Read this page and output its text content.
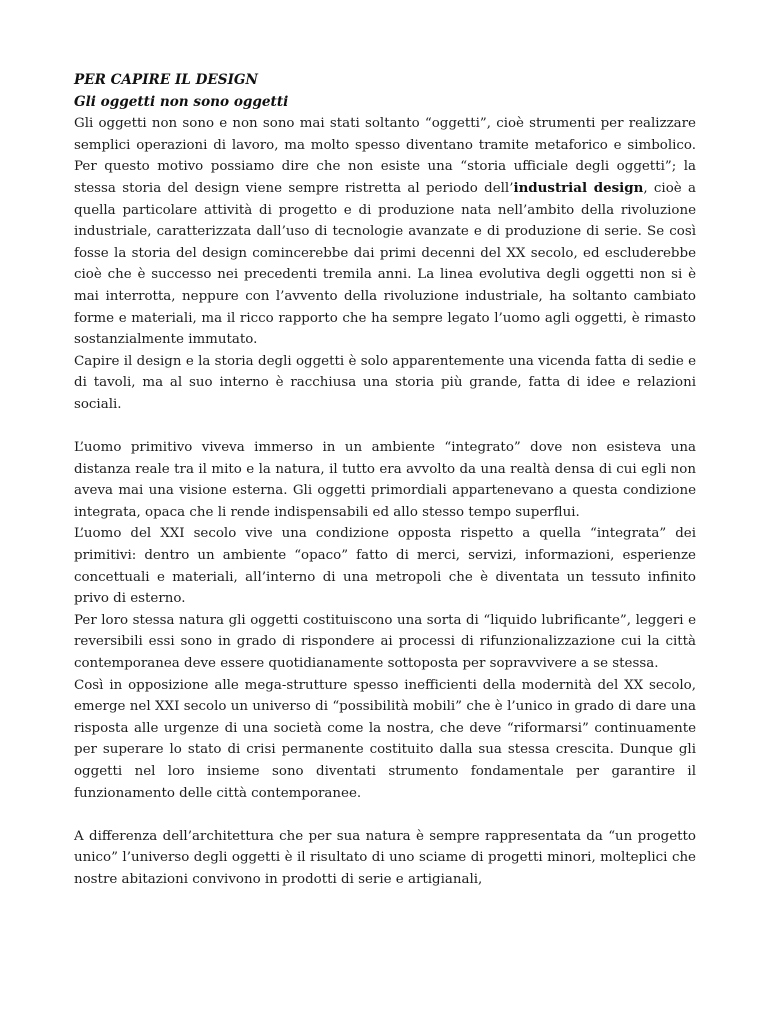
PER CAPIRE IL DESIGN
Gli oggetti non sono oggetti

Gli oggetti non sono e non sono mai stati soltanto “oggetti”, cioè strumenti per realizzare semplici operazioni di lavoro, ma molto spesso diventano tramite metaforico e simbolico. Per questo motivo possiamo dire che non esiste una “storia ufficiale degli oggetti”; la stessa storia del design viene sempre ristretta al periodo dell’industrial design, cioè a quella particolare attività di progetto e di produzione nata nell’ambito della rivoluzione industriale, caratterizzata dall’uso di tecnologie avanzate e di produzione di serie. Se così fosse la storia del design comincerebbe dai primi decenni del XX secolo, ed escluderebbe cioè che è successo nei precedenti tremila anni. La linea evolutiva degli oggetti non si è mai interrotta, neppure con l’avvento della rivoluzione industriale, ha soltanto cambiato forme e materiali, ma il ricco rapporto che ha sempre legato l’uomo agli oggetti, è rimasto sostanzialmente immutato.

Capire il design e la storia degli oggetti è solo apparentemente una vicenda fatta di sedie e di tavoli, ma al suo interno è racchiusa una storia più grande, fatta di idee e relazioni sociali.

L’uomo primitivo viveva immerso in un ambiente “integrato” dove non esisteva una distanza reale tra il mito e la natura, il tutto era avvolto da una realtà densa di cui egli non aveva mai una visione esterna. Gli oggetti primordiali appartenevano a questa condizione integrata, opaca che li rende indispensabili ed allo stesso tempo superflui.

L’uomo del XXI secolo vive una condizione opposta rispetto a quella “integrata” dei primitivi: dentro un ambiente “opaco” fatto di merci, servizi, informazioni, esperienze concettuali e materiali, all’interno di una metropoli che è diventata un tessuto infinito privo di esterno.

Per loro stessa natura gli oggetti costituiscono una sorta di “liquido lubrificante”, leggeri e reversibili essi sono in grado di rispondere ai processi di rifunzionalizzazione cui la città contemporanea deve essere quotidianamente sottoposta per sopravvivere a se stessa.

Così in opposizione alle mega-strutture spesso inefficienti della modernità del XX secolo, emerge nel XXI secolo un universo di “possibilità mobili” che è l’unico in grado di dare una risposta alle urgenze di una società come la nostra, che deve “riformarsi” continuamente per superare lo stato di crisi permanente costituito dalla sua stessa crescita. Dunque gli oggetti nel loro insieme sono diventati strumento fondamentale per garantire il funzionamento delle città contemporanee.

A differenza dell’architettura che per sua natura è sempre rappresentata da “un progetto unico” l’universo degli oggetti è il risultato di uno sciame di progetti minori, molteplici che nostre abitazioni convivono in prodotti di serie e artigianali,
